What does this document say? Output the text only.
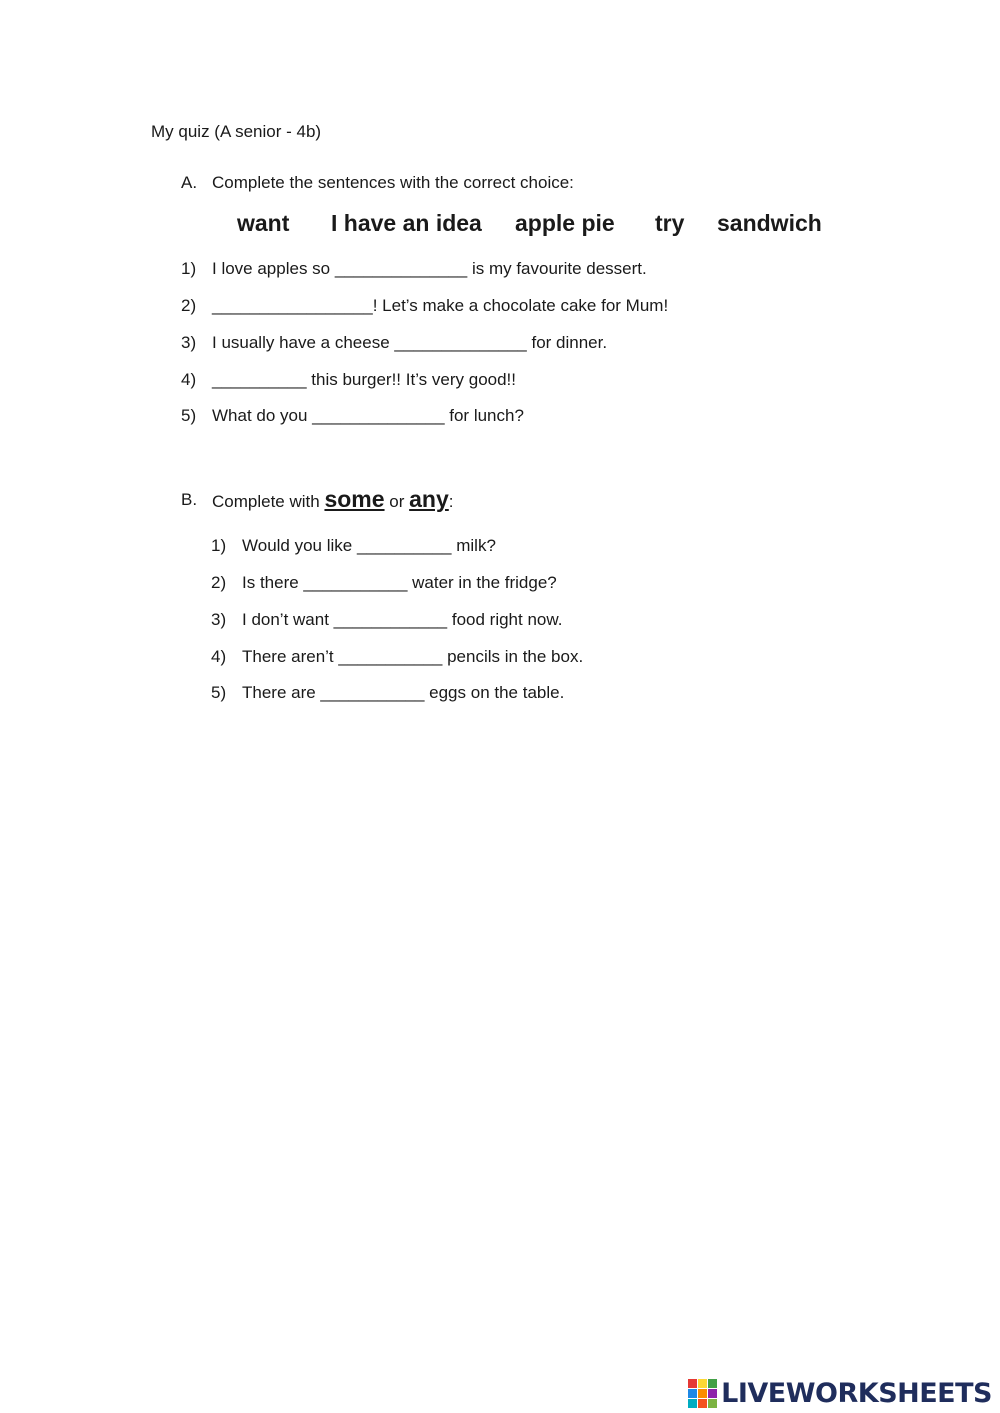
My quiz (A senior - 4b)
A. Complete the sentences with the correct choice:
want I have an idea apple pie try sandwich
1) I love apples so ______________ is my favourite dessert.
2) _________________! Let’s make a chocolate cake for Mum!
3) I usually have a cheese ______________ for dinner.
4) __________ this burger!! It’s very good!!
5) What do you ______________ for lunch?
B. Complete with some or any:
1) Would you like __________ milk?
2) Is there ___________ water in the fridge?
3) I don’t want ____________ food right now.
4) There aren’t ___________ pencils in the box.
5) There are ___________ eggs on the table.
LIVEWORKSHEETS
